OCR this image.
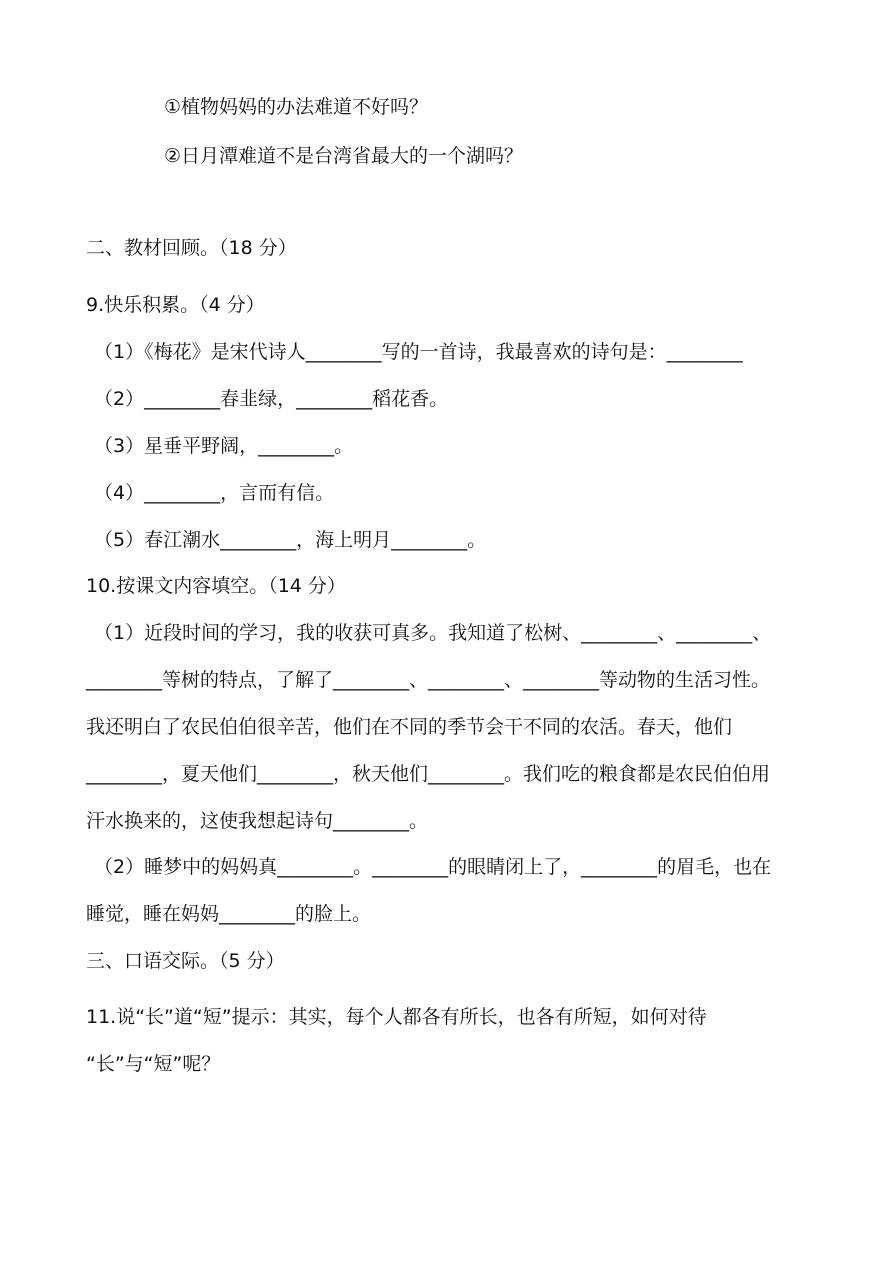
①植物妈妈的办法难道不好吗？
②日月潭难道不是台湾省最大的一个湖吗？
二、教材回顾。（18 分）
9.快乐积累。（4 分）
（1）《梅花》是宋代诗人________写的一首诗，我最喜欢的诗句是：________
（2）________春韭绿，________稻花香。
（3）星垂平野阔，________。
（4）________，言而有信。
（5）春江潮水________，海上明月________。
10.按课文内容填空。（14 分）
（1）近段时间的学习，我的收获可真多。我知道了松树、________、________、
________等树的特点，了解了________、________、________等动物的生活习性。
我还明白了农民伯伯很辛苦，他们在不同的季节会干不同的农活。春天，他们
________，夏天他们________，秋天他们________。我们吃的粮食都是农民伯伯用
汗水换来的，这使我想起诗句________。
（2）睡梦中的妈妈真________。________的眼睛闭上了，________的眉毛，也在
睡觉，睡在妈妈________的脸上。
三、口语交际。（5 分）
11.说“长”道“短”提示：其实，每个人都各有所长，也各有所短，如何对待
“长”与“短”呢？
